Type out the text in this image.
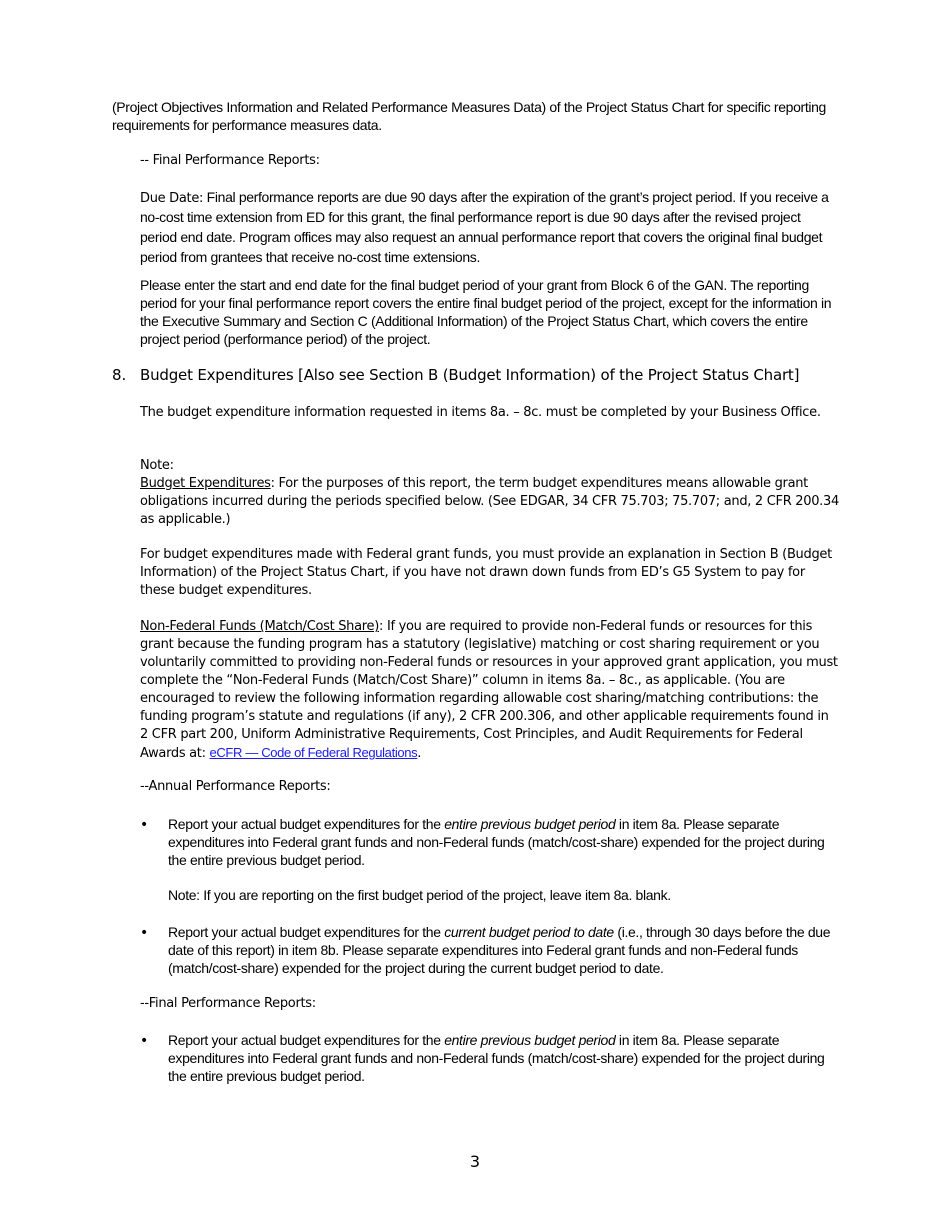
(Project Objectives Information and Related Performance Measures Data) of the Project Status Chart for specific reporting requirements for performance measures data.

-- Final Performance Reports:

Due Date: Final performance reports are due 90 days after the expiration of the grant’s project period. If you receive a no-cost time extension from ED for this grant, the final performance report is due 90 days after the revised project period end date. Program offices may also request an annual performance report that covers the original final budget period from grantees that receive no-cost time extensions.

Please enter the start and end date for the final budget period of your grant from Block 6 of the GAN. The reporting period for your final performance report covers the entire final budget period of the project, except for the information in the Executive Summary and Section C (Additional Information) of the Project Status Chart, which covers the entire project period (performance period) of the project.

8. Budget Expenditures [Also see Section B (Budget Information) of the Project Status Chart]

The budget expenditure information requested in items 8a. – 8c. must be completed by your Business Office.

Note:
Budget Expenditures: For the purposes of this report, the term budget expenditures means allowable grant obligations incurred during the periods specified below. (See EDGAR, 34 CFR 75.703; 75.707; and, 2 CFR 200.34 as applicable.)

For budget expenditures made with Federal grant funds, you must provide an explanation in Section B (Budget Information) of the Project Status Chart, if you have not drawn down funds from ED’s G5 System to pay for these budget expenditures.

Non-Federal Funds (Match/Cost Share): If you are required to provide non-Federal funds or resources for this grant because the funding program has a statutory (legislative) matching or cost sharing requirement or you voluntarily committed to providing non-Federal funds or resources in your approved grant application, you must complete the “Non-Federal Funds (Match/Cost Share)” column in items 8a. – 8c., as applicable. (You are encouraged to review the following information regarding allowable cost sharing/matching contributions: the funding program’s statute and regulations (if any), 2 CFR 200.306, and other applicable requirements found in 2 CFR part 200, Uniform Administrative Requirements, Cost Principles, and Audit Requirements for Federal Awards at: eCFR — Code of Federal Regulations.

--Annual Performance Reports:

• Report your actual budget expenditures for the entire previous budget period in item 8a. Please separate expenditures into Federal grant funds and non-Federal funds (match/cost-share) expended for the project during the entire previous budget period.

Note: If you are reporting on the first budget period of the project, leave item 8a. blank.

• Report your actual budget expenditures for the current budget period to date (i.e., through 30 days before the due date of this report) in item 8b. Please separate expenditures into Federal grant funds and non-Federal funds (match/cost-share) expended for the project during the current budget period to date.

--Final Performance Reports:

• Report your actual budget expenditures for the entire previous budget period in item 8a. Please separate expenditures into Federal grant funds and non-Federal funds (match/cost-share) expended for the project during the entire previous budget period.

3
